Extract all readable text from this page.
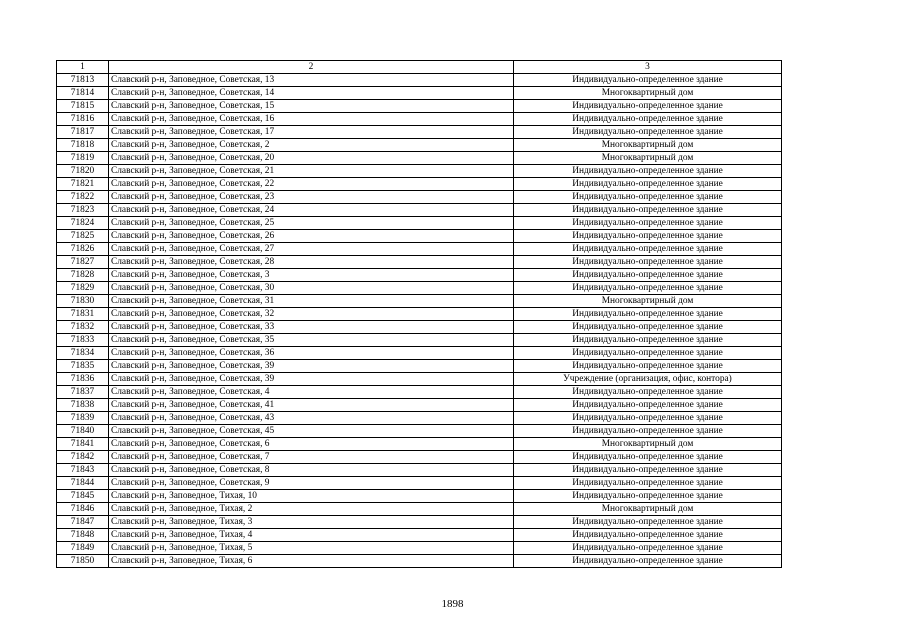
1	2	3
71813	Славский р-н, Заповедное, Советская, 13	Индивидуально-определенное здание
71814	Славский р-н, Заповедное, Советская, 14	Многоквартирный дом
71815	Славский р-н, Заповедное, Советская, 15	Индивидуально-определенное здание
71816	Славский р-н, Заповедное, Советская, 16	Индивидуально-определенное здание
71817	Славский р-н, Заповедное, Советская, 17	Индивидуально-определенное здание
71818	Славский р-н, Заповедное, Советская, 2	Многоквартирный дом
71819	Славский р-н, Заповедное, Советская, 20	Многоквартирный дом
71820	Славский р-н, Заповедное, Советская, 21	Индивидуально-определенное здание
71821	Славский р-н, Заповедное, Советская, 22	Индивидуально-определенное здание
71822	Славский р-н, Заповедное, Советская, 23	Индивидуально-определенное здание
71823	Славский р-н, Заповедное, Советская, 24	Индивидуально-определенное здание
71824	Славский р-н, Заповедное, Советская, 25	Индивидуально-определенное здание
71825	Славский р-н, Заповедное, Советская, 26	Индивидуально-определенное здание
71826	Славский р-н, Заповедное, Советская, 27	Индивидуально-определенное здание
71827	Славский р-н, Заповедное, Советская, 28	Индивидуально-определенное здание
71828	Славский р-н, Заповедное, Советская, 3	Индивидуально-определенное здание
71829	Славский р-н, Заповедное, Советская, 30	Индивидуально-определенное здание
71830	Славский р-н, Заповедное, Советская, 31	Многоквартирный дом
71831	Славский р-н, Заповедное, Советская, 32	Индивидуально-определенное здание
71832	Славский р-н, Заповедное, Советская, 33	Индивидуально-определенное здание
71833	Славский р-н, Заповедное, Советская, 35	Индивидуально-определенное здание
71834	Славский р-н, Заповедное, Советская, 36	Индивидуально-определенное здание
71835	Славский р-н, Заповедное, Советская, 39	Индивидуально-определенное здание
71836	Славский р-н, Заповедное, Советская, 39	Учреждение (организация, офис, контора)
71837	Славский р-н, Заповедное, Советская, 4	Индивидуально-определенное здание
71838	Славский р-н, Заповедное, Советская, 41	Индивидуально-определенное здание
71839	Славский р-н, Заповедное, Советская, 43	Индивидуально-определенное здание
71840	Славский р-н, Заповедное, Советская, 45	Индивидуально-определенное здание
71841	Славский р-н, Заповедное, Советская, 6	Многоквартирный дом
71842	Славский р-н, Заповедное, Советская, 7	Индивидуально-определенное здание
71843	Славский р-н, Заповедное, Советская, 8	Индивидуально-определенное здание
71844	Славский р-н, Заповедное, Советская, 9	Индивидуально-определенное здание
71845	Славский р-н, Заповедное, Тихая, 10	Индивидуально-определенное здание
71846	Славский р-н, Заповедное, Тихая, 2	Многоквартирный дом
71847	Славский р-н, Заповедное, Тихая, 3	Индивидуально-определенное здание
71848	Славский р-н, Заповедное, Тихая, 4	Индивидуально-определенное здание
71849	Славский р-н, Заповедное, Тихая, 5	Индивидуально-определенное здание
71850	Славский р-н, Заповедное, Тихая, 6	Индивидуально-определенное здание
1898
